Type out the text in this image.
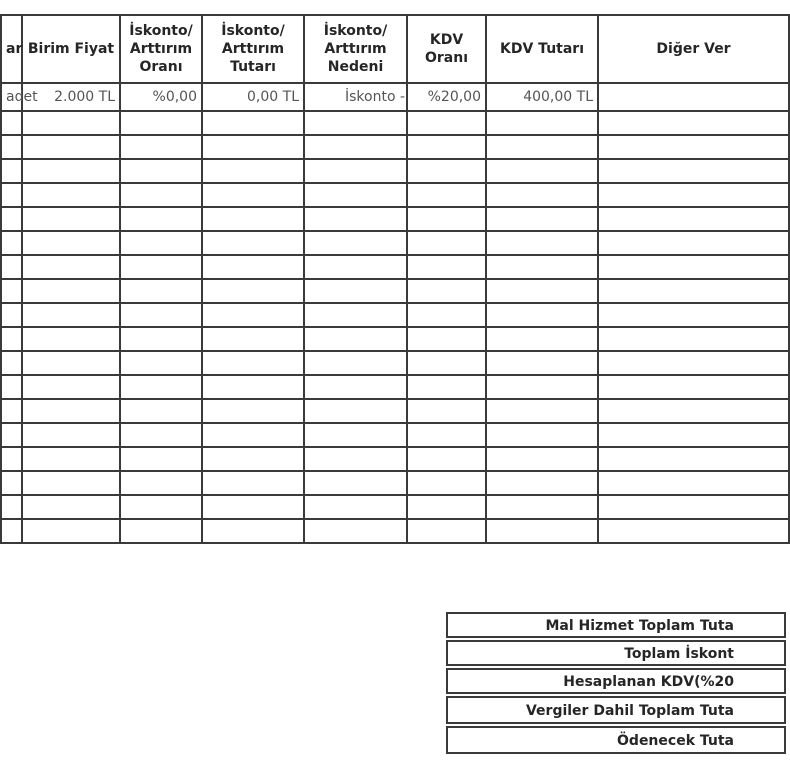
ar	Birim Fiyat	İskonto/ Arttırım Oranı	İskonto/ Arttırım Tutarı	İskonto/ Arttırım Nedeni	KDV Oranı	KDV Tutarı	Diğer Ver
adet	2.000 TL	%0,00	0,00 TL	İskonto -	%20,00	400,00 TL	

Mal Hizmet Toplam Tuta
Toplam İskont
Hesaplanan KDV(%20
Vergiler Dahil Toplam Tuta
Ödenecek Tuta
